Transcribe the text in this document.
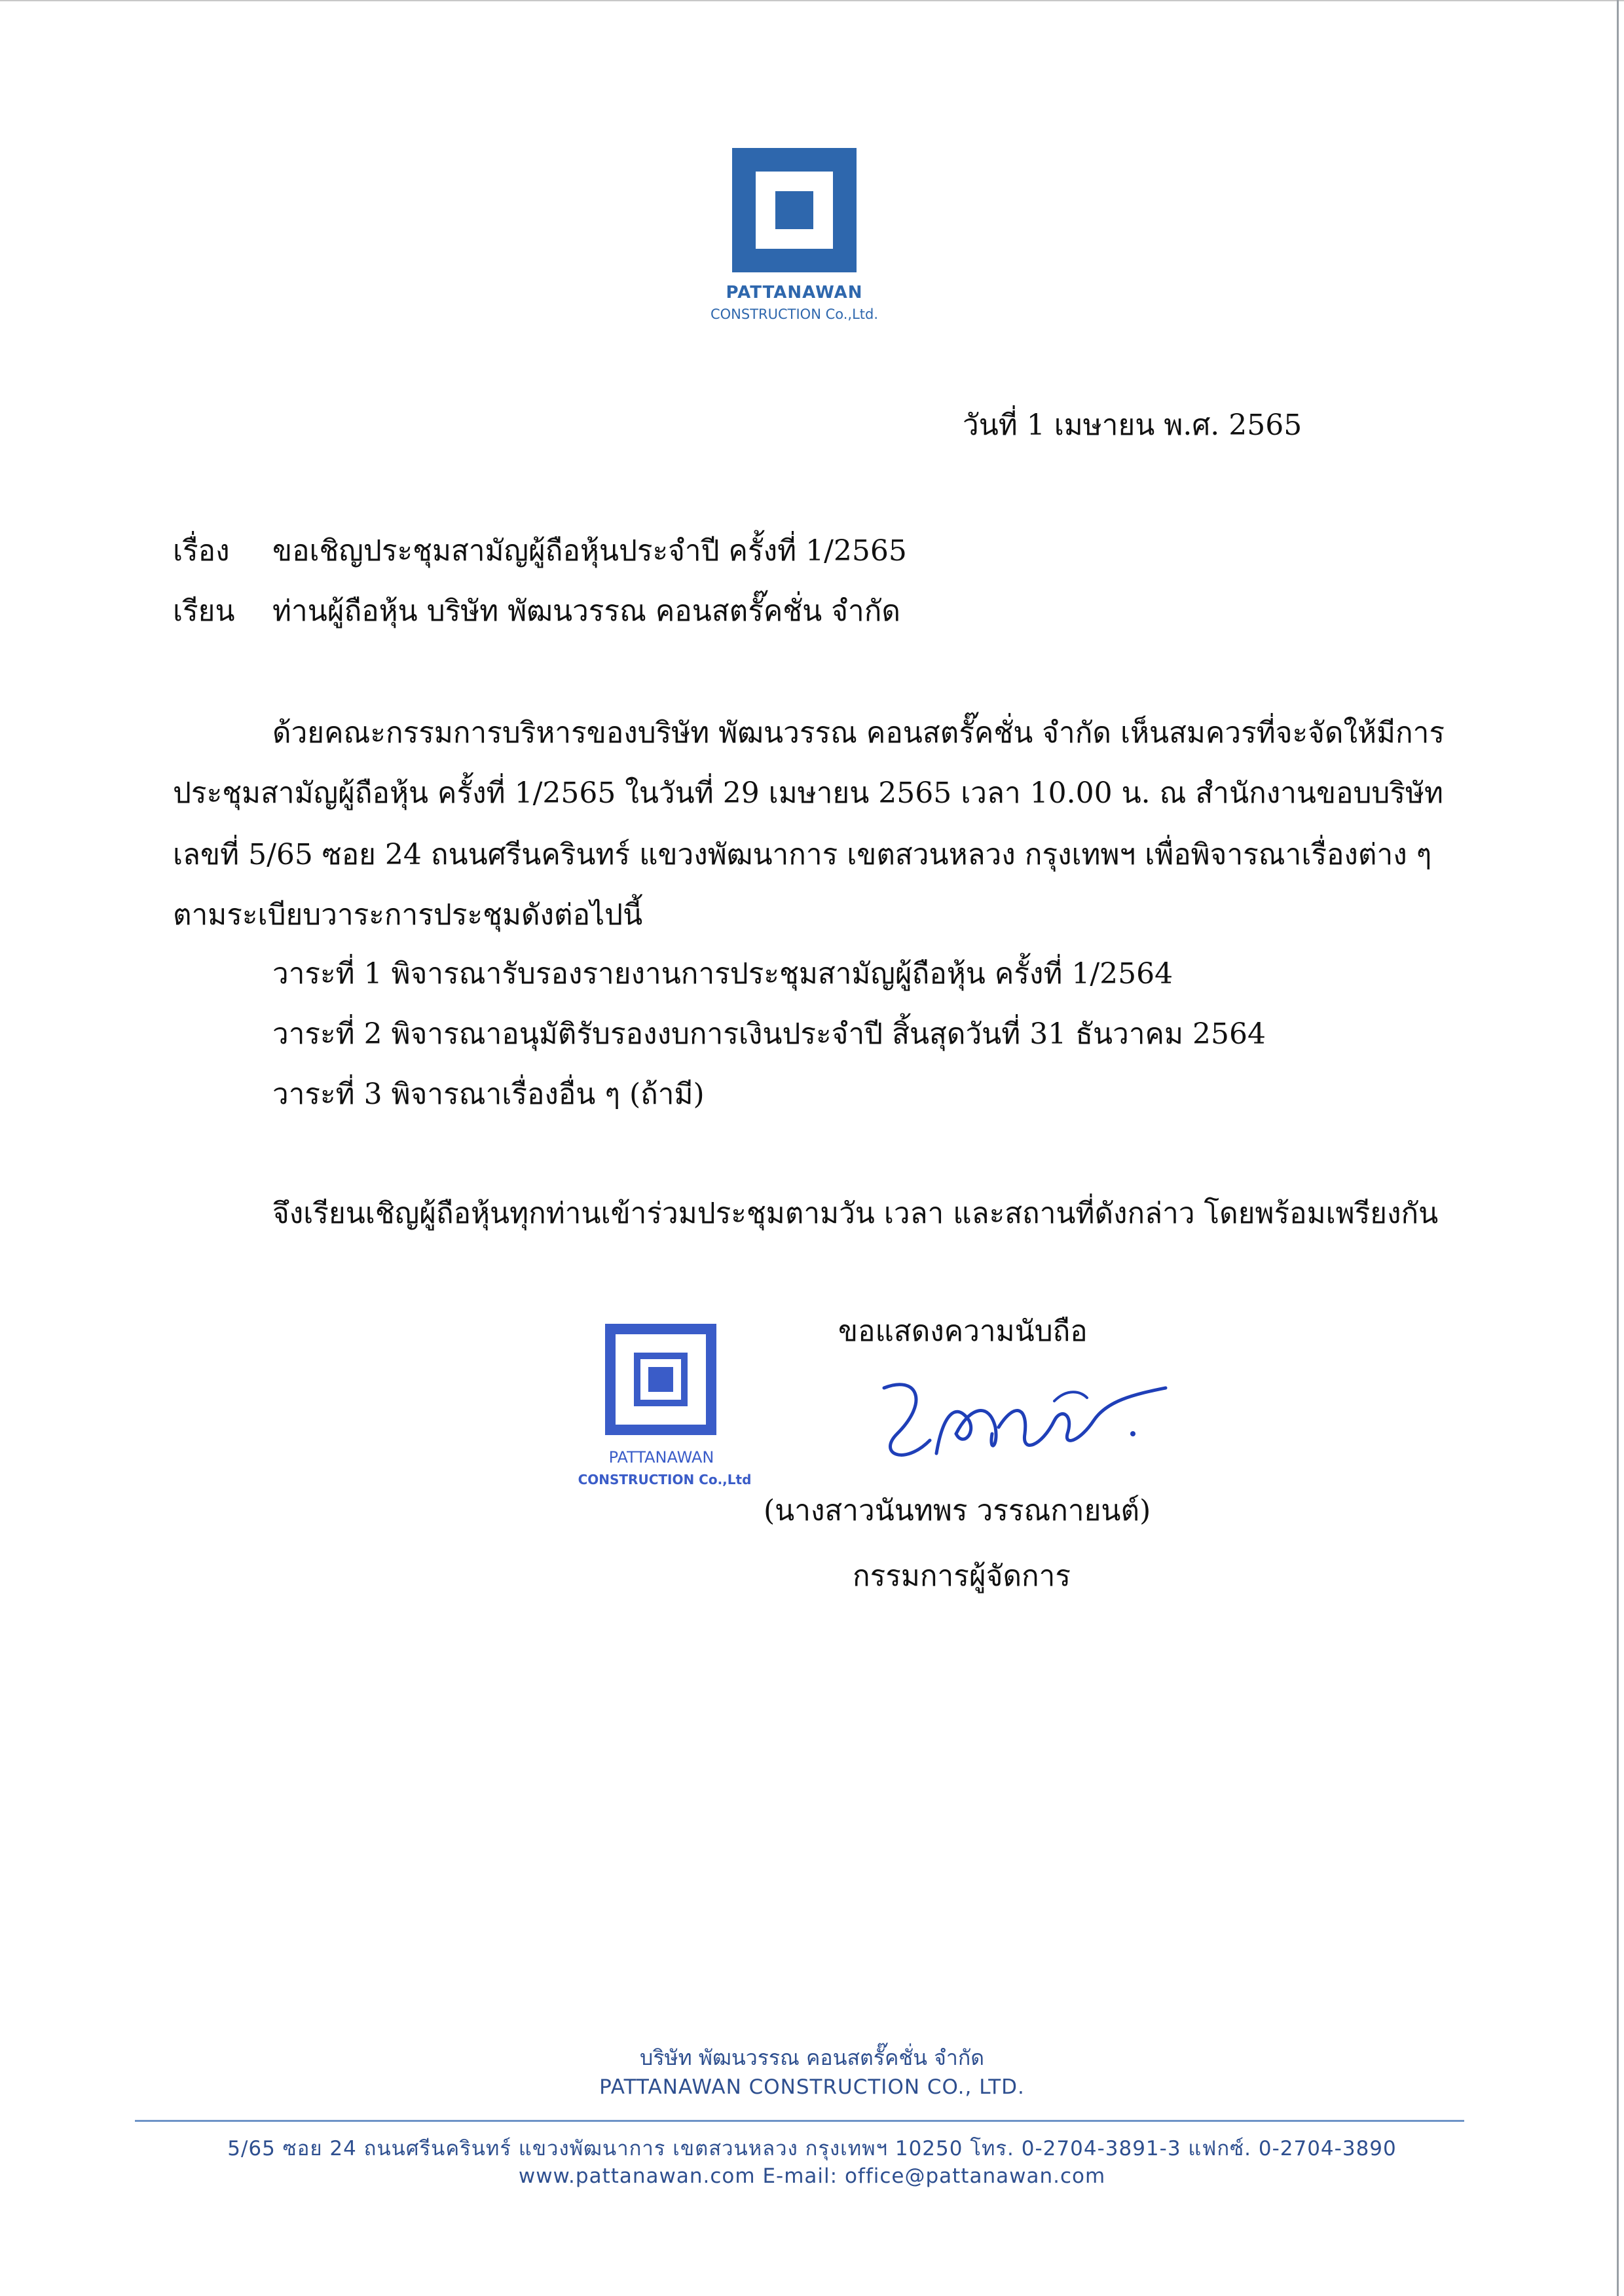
PATTANAWAN
CONSTRUCTION Co.,Ltd.
วันที่ 1 เมษายน พ.ศ. 2565
เรื่อง ขอเชิญประชุมสามัญผู้ถือหุ้นประจำปี ครั้งที่ 1/2565
เรียน ท่านผู้ถือหุ้น บริษัท พัฒนวรรณ คอนสตรั๊คชั่น จำกัด
ด้วยคณะกรรมการบริหารของบริษัท พัฒนวรรณ คอนสตรั๊คชั่น จำกัด เห็นสมควรที่จะจัดให้มีการ
ประชุมสามัญผู้ถือหุ้น ครั้งที่ 1/2565 ในวันที่ 29 เมษายน 2565 เวลา 10.00 น. ณ สำนักงานขอบบริษัท
เลขที่ 5/65 ซอย 24 ถนนศรีนครินทร์ แขวงพัฒนาการ เขตสวนหลวง กรุงเทพฯ เพื่อพิจารณาเรื่องต่าง ๆ
ตามระเบียบวาระการประชุมดังต่อไปนี้
วาระที่ 1 พิจารณารับรองรายงานการประชุมสามัญผู้ถือหุ้น ครั้งที่ 1/2564
วาระที่ 2 พิจารณาอนุมัติรับรองงบการเงินประจำปี สิ้นสุดวันที่ 31 ธันวาคม 2564
วาระที่ 3 พิจารณาเรื่องอื่น ๆ (ถ้ามี)
จึงเรียนเชิญผู้ถือหุ้นทุกท่านเข้าร่วมประชุมตามวัน เวลา และสถานที่ดังกล่าว โดยพร้อมเพรียงกัน
PATTANAWAN
CONSTRUCTION Co.,Ltd
ขอแสดงความนับถือ
(นางสาวนันทพร วรรณกายนต์)
กรรมการผู้จัดการ
บริษัท พัฒนวรรณ คอนสตรั๊คชั่น จำกัด
PATTANAWAN CONSTRUCTION CO., LTD.
5/65 ซอย 24 ถนนศรีนครินทร์ แขวงพัฒนาการ เขตสวนหลวง กรุงเทพฯ 10250 โทร. 0-2704-3891-3 แฟกซ์. 0-2704-3890
www.pattanawan.com E-mail: office@pattanawan.com
